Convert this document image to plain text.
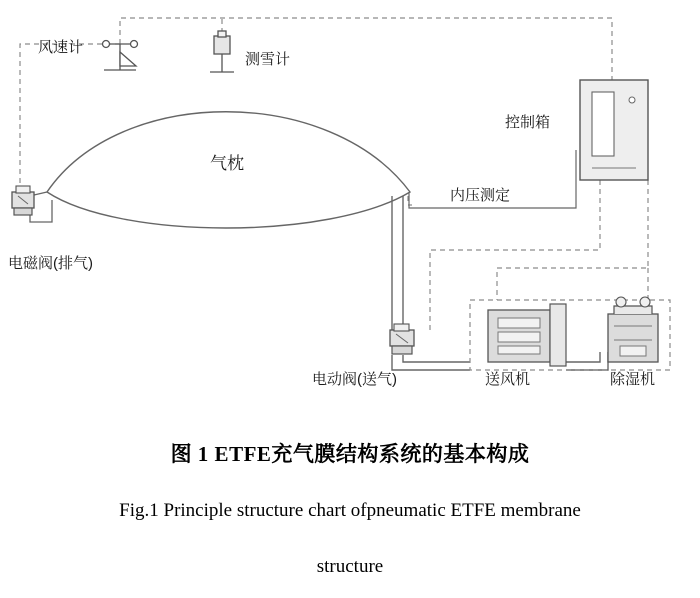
风速计
测雪计
控制箱
气枕
内压测定
电磁阀(排气)
电动阀(送气)	送风机	除湿机
图 1 ETFE充气膜结构系统的基本构成
Fig.1 Principle structure chart ofpneumatic ETFE membrane
structure
